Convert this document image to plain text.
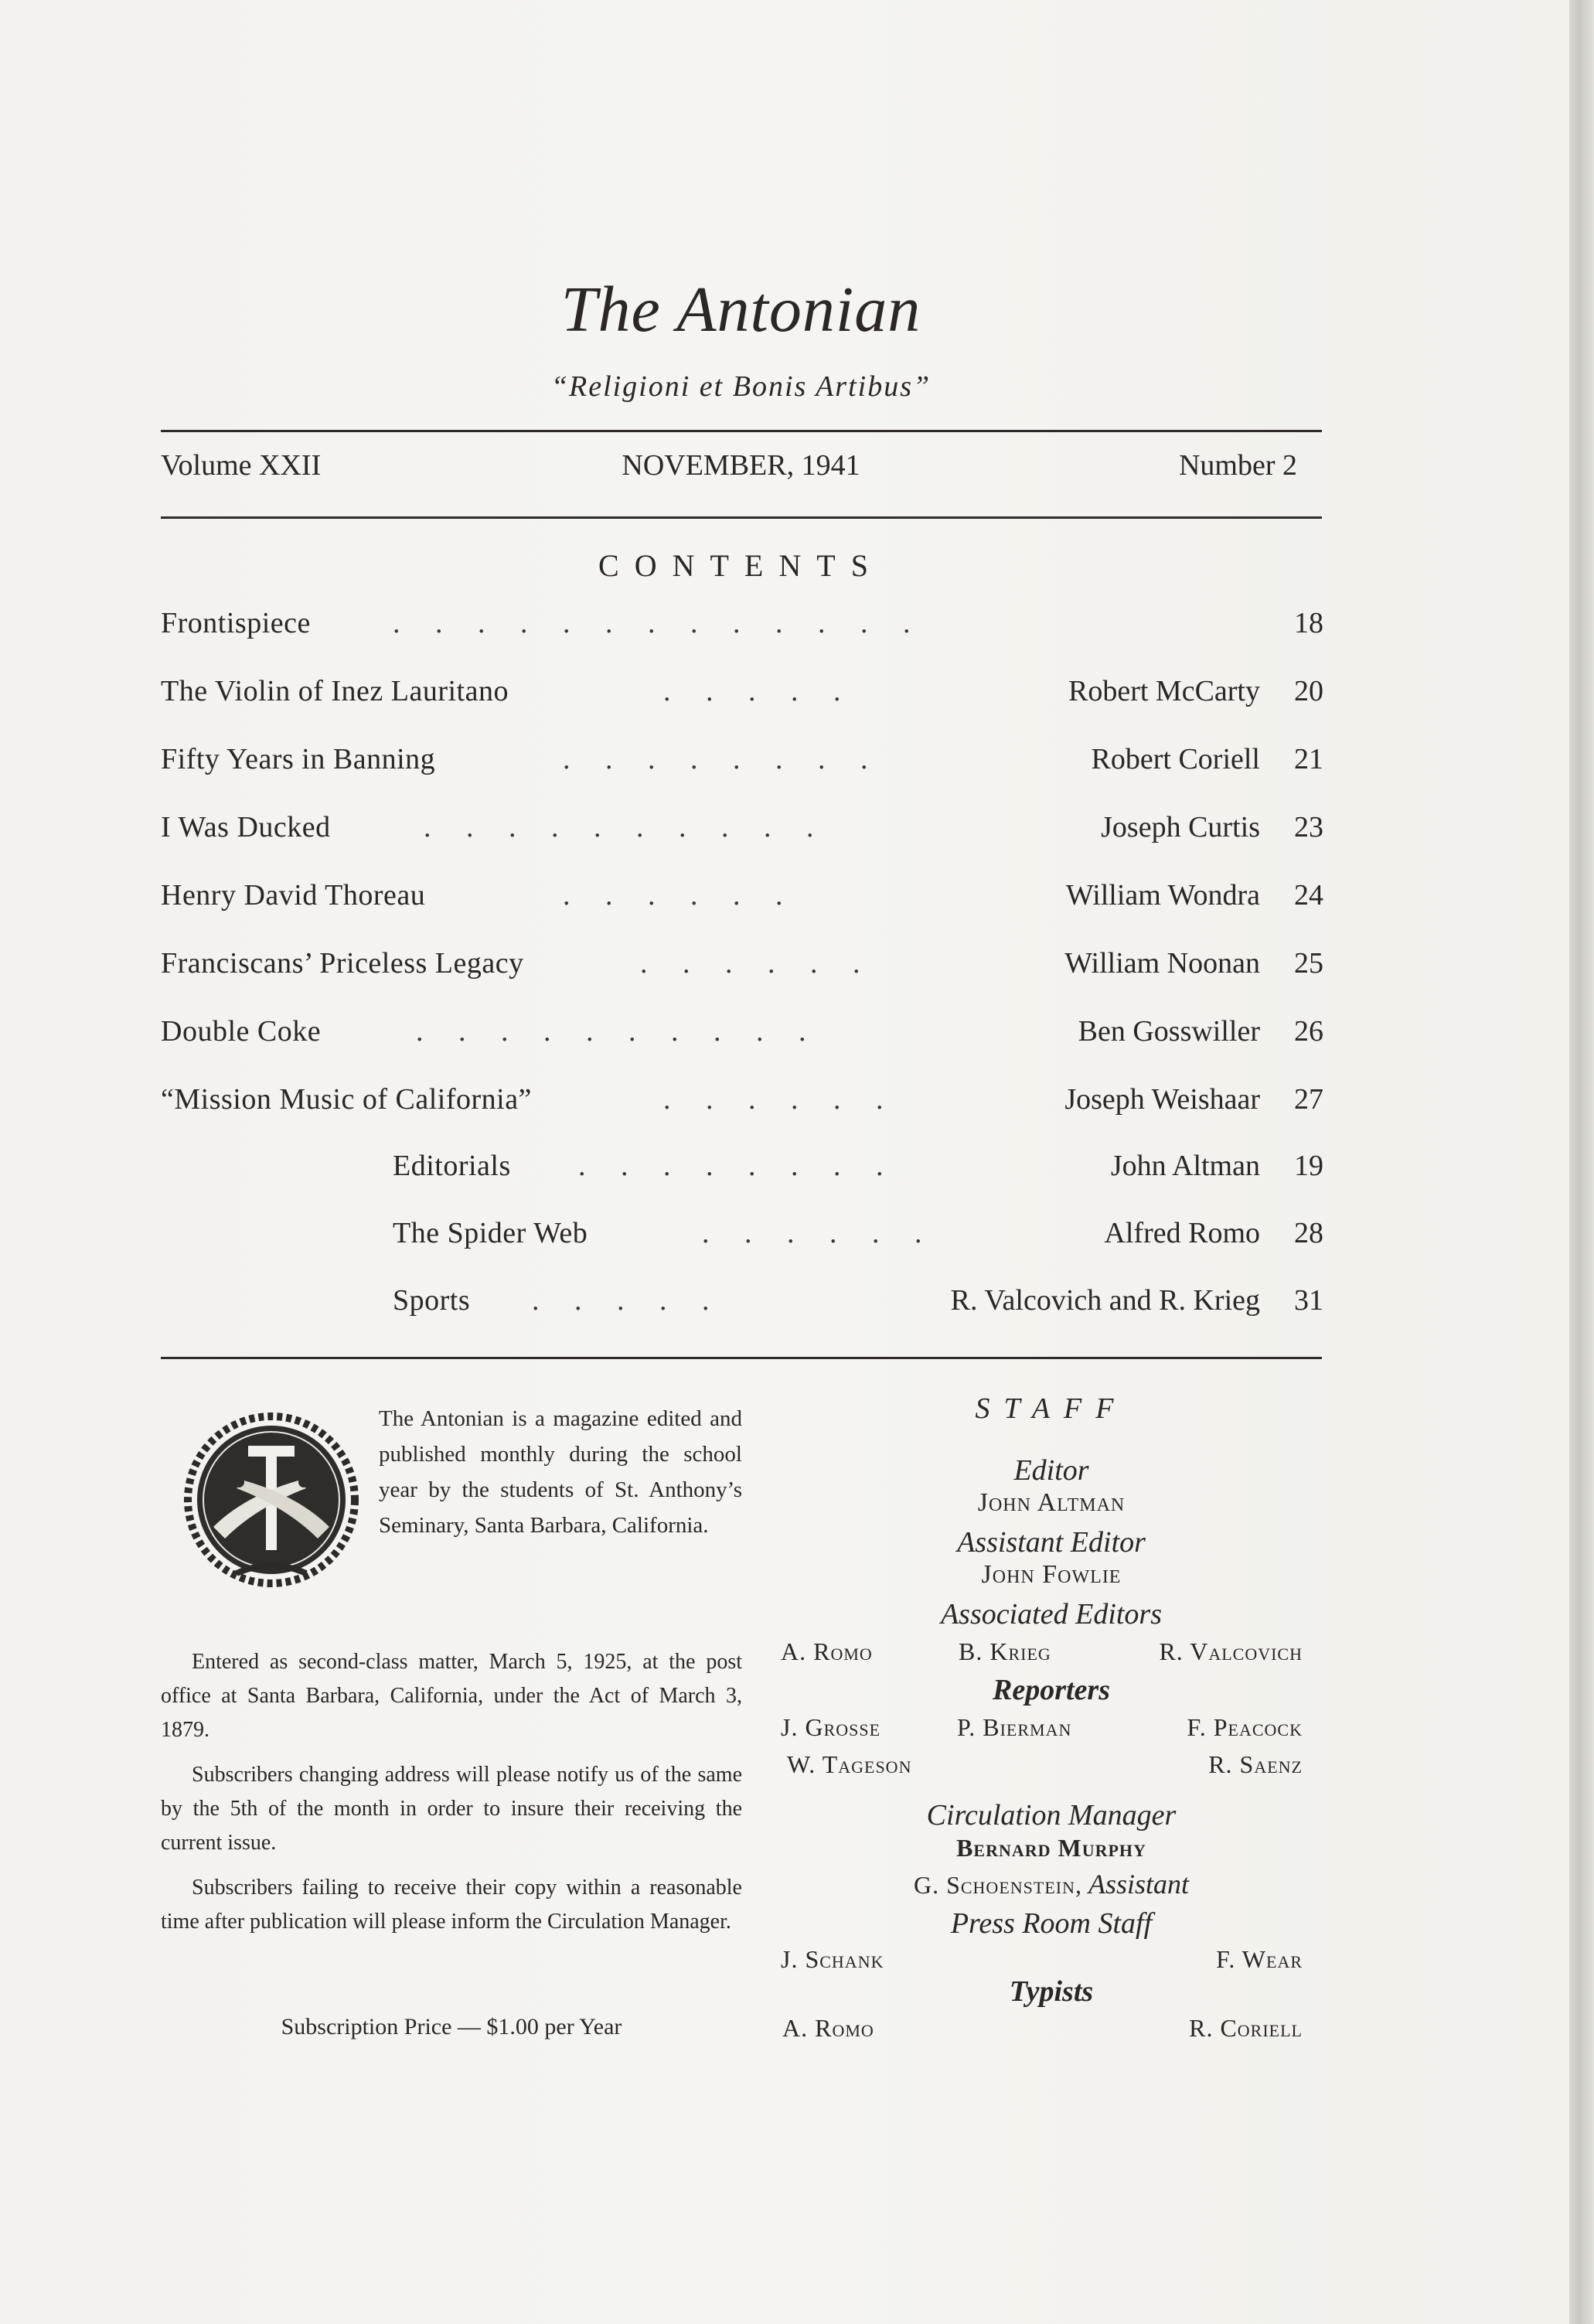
The Antonian
“Religioni et Bonis Artibus”
Volume XXII	NOVEMBER, 1941	Number 2
CONTENTS
Frontispiece	. . . . . . . . . . . . .	18
The Violin of Inez Lauritano	. . . . .	Robert McCarty	20
Fifty Years in Banning	. . . . . . . .	Robert Coriell	21
I Was Ducked	. . . . . . . . . .	Joseph Curtis	23
Henry David Thoreau	. . . . . .	William Wondra	24
Franciscans’ Priceless Legacy	. . . . . .	William Noonan	25
Double Coke	. . . . . . . . . .	Ben Gosswiller	26
“Mission Music of California”	. . . . . .	Joseph Weishaar	27
Editorials . . . . . . . .	John Altman	19
The Spider Web	. . . . . .	Alfred Romo	28
Sports . . . . .	R. Valcovich and R. Krieg	31
The Antonian is a magazine edited and published monthly during the school year by the students of St. Anthony’s Seminary, Santa Barbara, California.

Entered as second-class matter, March 5, 1925, at the post office at Santa Barbara, California, under the Act of March 3, 1879.

Subscribers changing address will please notify us of the same by the 5th of the month in order to insure their receiving the current issue.

Subscribers failing to receive their copy within a reasonable time after publication will please inform the Circulation Manager.

Subscription Price — $1.00 per Year
STAFF
Editor
John Altman
Assistant Editor
John Fowlie
Associated Editors
A. Romo	B. Krieg	R. Valcovich
Reporters
J. Grosse	P. Bierman	F. Peacock
W. Tageson	R. Saenz
Circulation Manager
Bernard Murphy
G. Schoenstein, Assistant
Press Room Staff
J. Schank	F. Wear
Typists
A. Romo	R. Coriell
